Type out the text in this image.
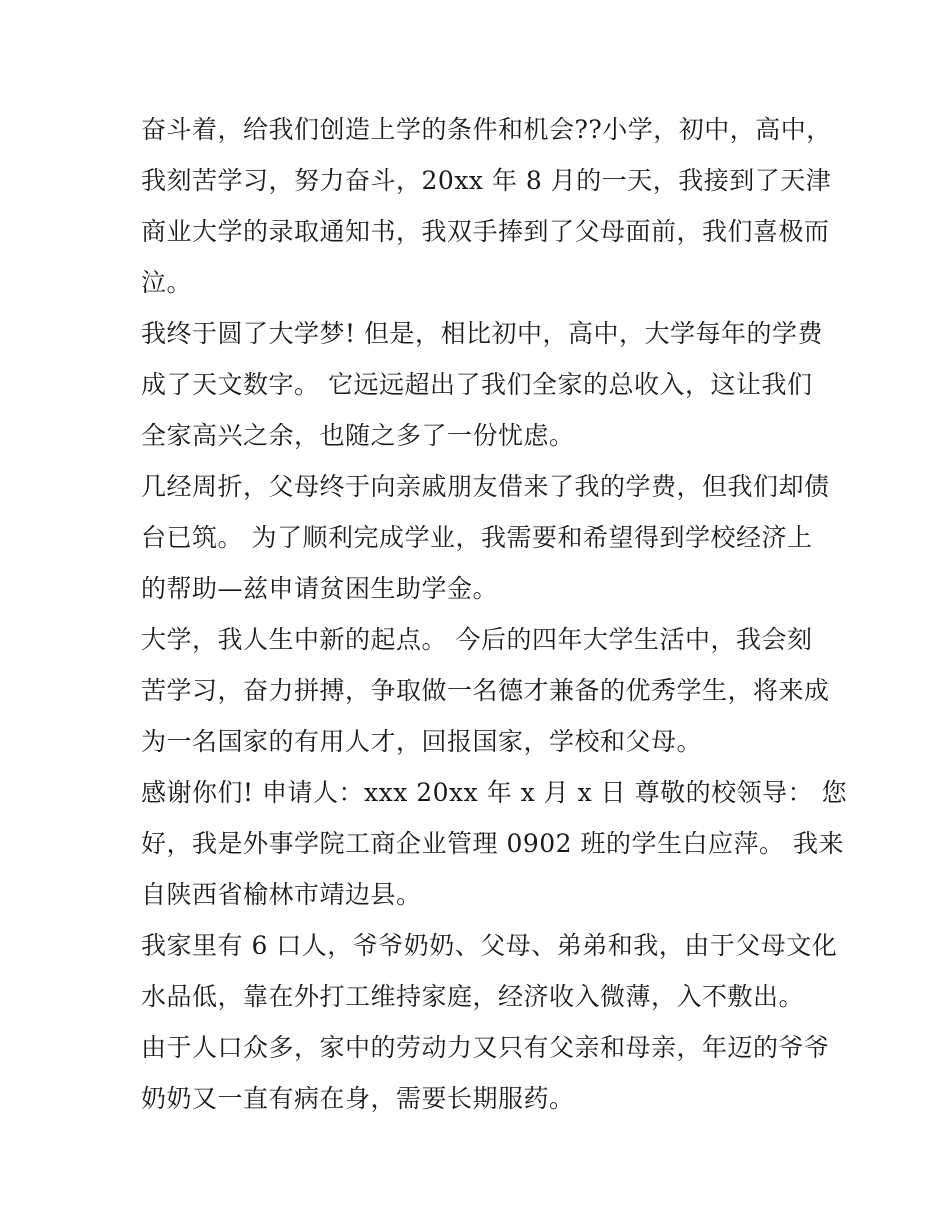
奋斗着，给我们创造上学的条件和机会??小学，初中，高中，
我刻苦学习，努力奋斗，20xx 年 8 月的一天，我接到了天津
商业大学的录取通知书，我双手捧到了父母面前，我们喜极而
泣。
我终于圆了大学梦! 但是，相比初中，高中，大学每年的学费
成了天文数字。 它远远超出了我们全家的总收入，这让我们
全家高兴之余，也随之多了一份忧虑。
几经周折，父母终于向亲戚朋友借来了我的学费，但我们却债
台已筑。 为了顺利完成学业，我需要和希望得到学校经济上
的帮助—兹申请贫困生助学金。
大学，我人生中新的起点。 今后的四年大学生活中，我会刻
苦学习，奋力拼搏，争取做一名德才兼备的优秀学生，将来成
为一名国家的有用人才，回报国家，学校和父母。
感谢你们! 申请人：xxx 20xx 年 x 月 x 日 尊敬的校领导： 您
好，我是外事学院工商企业管理 0902 班的学生白应萍。 我来
自陕西省榆林市靖边县。
我家里有 6 口人，爷爷奶奶、父母、弟弟和我，由于父母文化
水品低，靠在外打工维持家庭，经济收入微薄，入不敷出。
由于人口众多，家中的劳动力又只有父亲和母亲，年迈的爷爷
奶奶又一直有病在身，需要长期服药。
